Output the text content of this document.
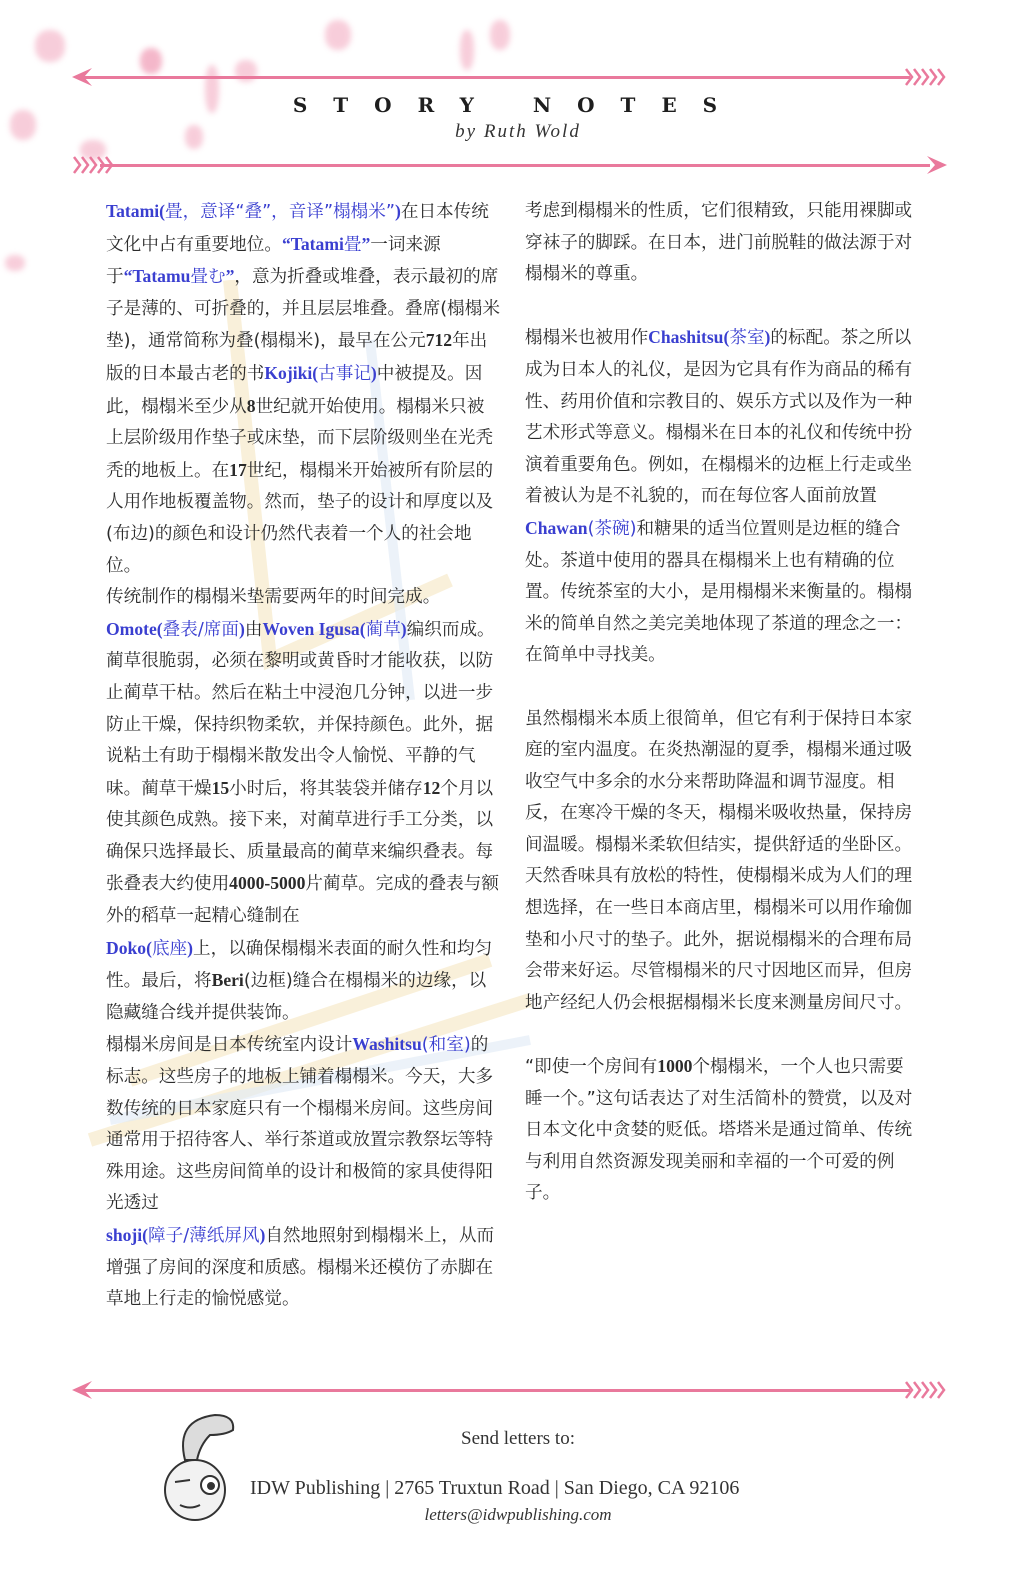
STORY NOTES
by Ruth Wold

Tatami(畳，意译“叠”，音译”榻榻米”)在日本传统文化中占有重要地位。“Tatami畳”一词来源于“Tatamu畳む”，意为折叠或堆叠，表示最初的席子是薄的、可折叠的，并且层层堆叠。叠席(榻榻米垫)，通常简称为叠(榻榻米)，最早在公元712年出版的日本最古老的书Kojiki(古事记)中被提及。因此，榻榻米至少从8世纪就开始使用。榻榻米只被上层阶级用作垫子或床垫，而下层阶级则坐在光秃秃的地板上。在17世纪，榻榻米开始被所有阶层的人用作地板覆盖物。然而，垫子的设计和厚度以及(布边)的颜色和设计仍然代表着一个人的社会地位。

传统制作的榻榻米垫需要两年的时间完成。
Omote(叠表/席面)由Woven Igusa(蔺草)编织而成。蔺草很脆弱，必须在黎明或黄昏时才能收获，以防止蔺草干枯。然后在粘土中浸泡几分钟，以进一步防止干燥，保持织物柔软，并保持颜色。此外，据说粘土有助于榻榻米散发出令人愉悦、平静的气味。蔺草干燥15小时后，将其装袋并储存12个月以使其颜色成熟。接下来，对蔺草进行手工分类，以确保只选择最长、质量最高的蔺草来编织叠表。每张叠表大约使用4000-5000片蔺草。完成的叠表与额外的稻草一起精心缝制在
Doko(底座)上，以确保榻榻米表面的耐久性和均匀性。最后，将Beri(边框)缝合在榻榻米的边缘，以隐藏缝合线并提供装饰。

榻榻米房间是日本传统室内设计Washitsu(和室)的标志。这些房子的地板上铺着榻榻米。今天，大多数传统的日本家庭只有一个榻榻米房间。这些房间通常用于招待客人、举行茶道或放置宗教祭坛等特殊用途。这些房间简单的设计和极简的家具使得阳光透过
shoji(障子/薄纸屏风)自然地照射到榻榻米上，从而增强了房间的深度和质感。榻榻米还模仿了赤脚在草地上行走的愉悦感觉。

考虑到榻榻米的性质，它们很精致，只能用裸脚或穿袜子的脚踩。在日本，进门前脱鞋的做法源于对榻榻米的尊重。

榻榻米也被用作Chashitsu(茶室)的标配。茶之所以成为日本人的礼仪，是因为它具有作为商品的稀有性、药用价值和宗教目的、娱乐方式以及作为一种艺术形式等意义。榻榻米在日本的礼仪和传统中扮演着重要角色。例如，在榻榻米的边框上行走或坐着被认为是不礼貌的，而在每位客人面前放置Chawan(茶碗)和糖果的适当位置则是边框的缝合处。茶道中使用的器具在榻榻米上也有精确的位置。传统茶室的大小，是用榻榻米来衡量的。榻榻米的简单自然之美完美地体现了茶道的理念之一：在简单中寻找美。

虽然榻榻米本质上很简单，但它有利于保持日本家庭的室内温度。在炎热潮湿的夏季，榻榻米通过吸收空气中多余的水分来帮助降温和调节湿度。相反，在寒冷干燥的冬天，榻榻米吸收热量，保持房间温暖。榻榻米柔软但结实，提供舒适的坐卧区。天然香味具有放松的特性，使榻榻米成为人们的理想选择，在一些日本商店里，榻榻米可以用作瑜伽垫和小尺寸的垫子。此外，据说榻榻米的合理布局会带来好运。尽管榻榻米的尺寸因地区而异，但房地产经纪人仍会根据榻榻米长度来测量房间尺寸。

“即使一个房间有1000个榻榻米，一个人也只需要睡一个。”这句话表达了对生活简朴的赞赏，以及对日本文化中贪婪的贬低。塔塔米是通过简单、传统与利用自然资源发现美丽和幸福的一个可爱的例子。

Send letters to:
IDW Publishing | 2765 Truxtun Road | San Diego, CA 92106
letters@idwpublishing.com
